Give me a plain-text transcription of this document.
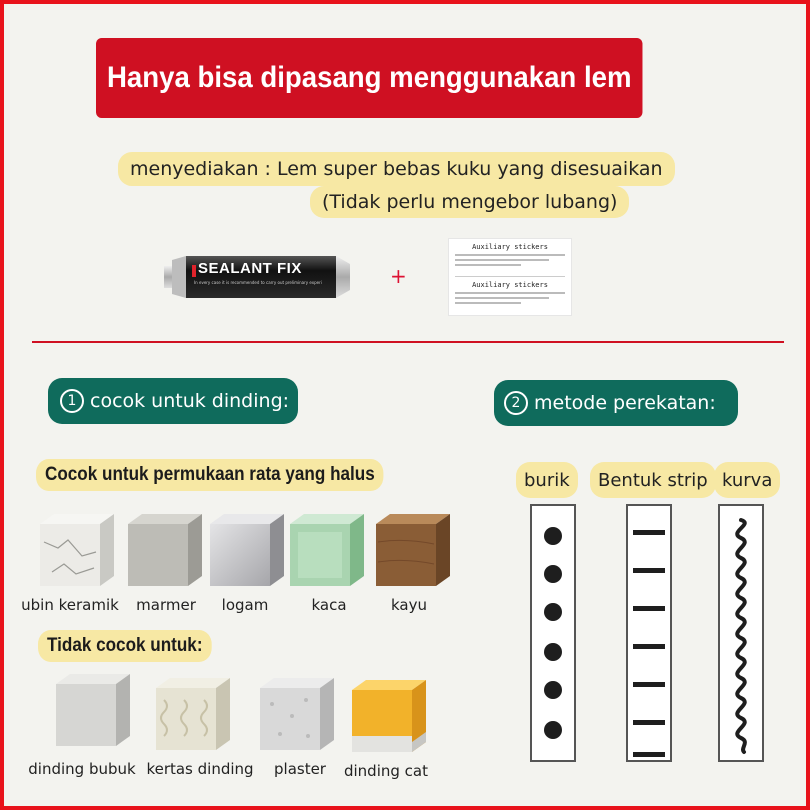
Hanya bisa dipasang menggunakan lem
menyediakan : Lem super bebas kuku yang disesuaikan
(Tidak perlu mengebor lubang)
SEALANT FIX
In every case it is recommended to carry out preliminary experi	+
Auxiliary stickers
Auxiliary stickers
1 cocok untuk dinding:	2 metode perekatan:
Cocok untuk permukaan rata yang halus
ubin keramik	marmer	logam	kaca	kayu
Tidak cocok untuk:
dinding bubuk kertas dinding	plaster	dinding cat
burik	Bentuk strip kurva
